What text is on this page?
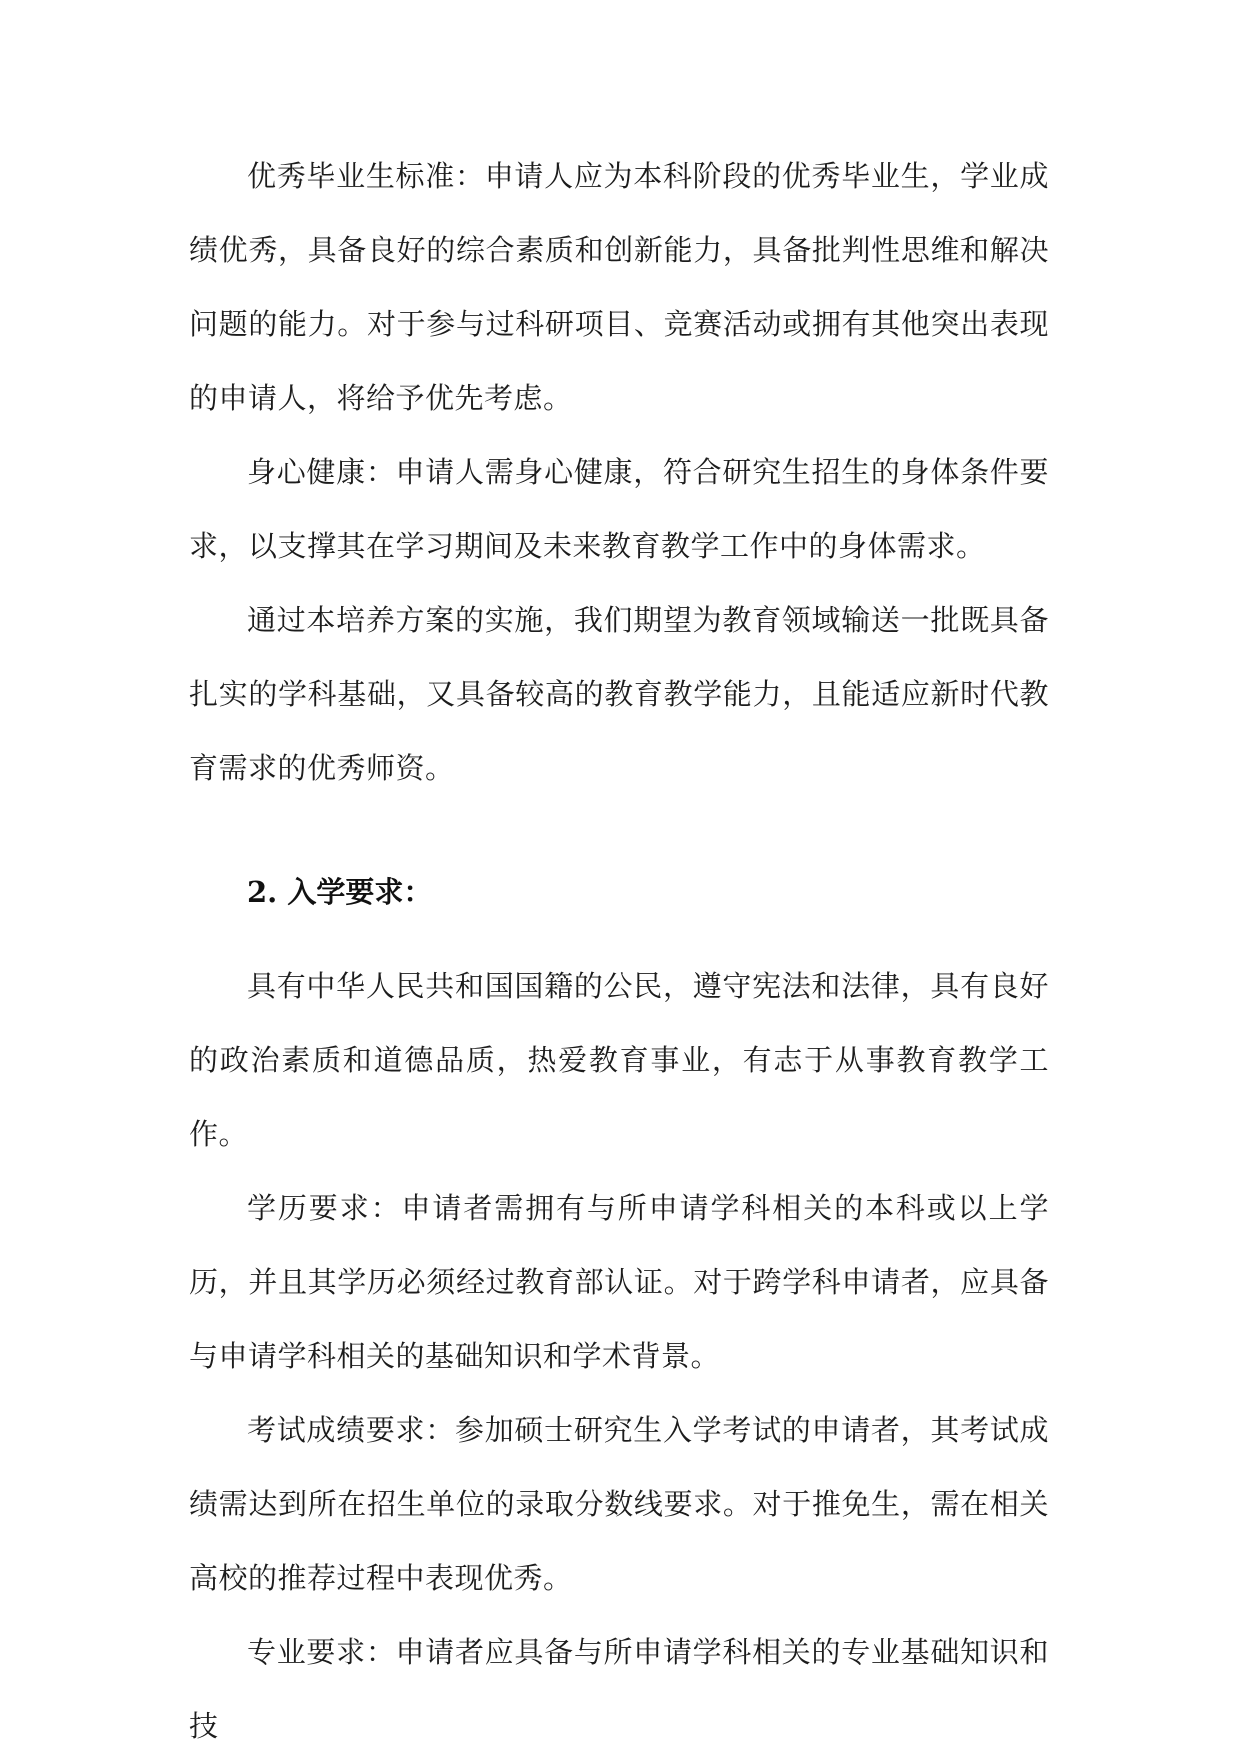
优秀毕业生标准：申请人应为本科阶段的优秀毕业生，学业成绩优秀，具备良好的综合素质和创新能力，具备批判性思维和解决问题的能力。对于参与过科研项目、竞赛活动或拥有其他突出表现的申请人，将给予优先考虑。

身心健康：申请人需身心健康，符合研究生招生的身体条件要求，以支撑其在学习期间及未来教育教学工作中的身体需求。

通过本培养方案的实施，我们期望为教育领域输送一批既具备扎实的学科基础，又具备较高的教育教学能力，且能适应新时代教育需求的优秀师资。

2. 入学要求：

具有中华人民共和国国籍的公民，遵守宪法和法律，具有良好的政治素质和道德品质，热爱教育事业，有志于从事教育教学工作。

学历要求：申请者需拥有与所申请学科相关的本科或以上学历，并且其学历必须经过教育部认证。对于跨学科申请者，应具备与申请学科相关的基础知识和学术背景。

考试成绩要求：参加硕士研究生入学考试的申请者，其考试成绩需达到所在招生单位的录取分数线要求。对于推免生，需在相关高校的推荐过程中表现优秀。

专业要求：申请者应具备与所申请学科相关的专业基础知识和技
